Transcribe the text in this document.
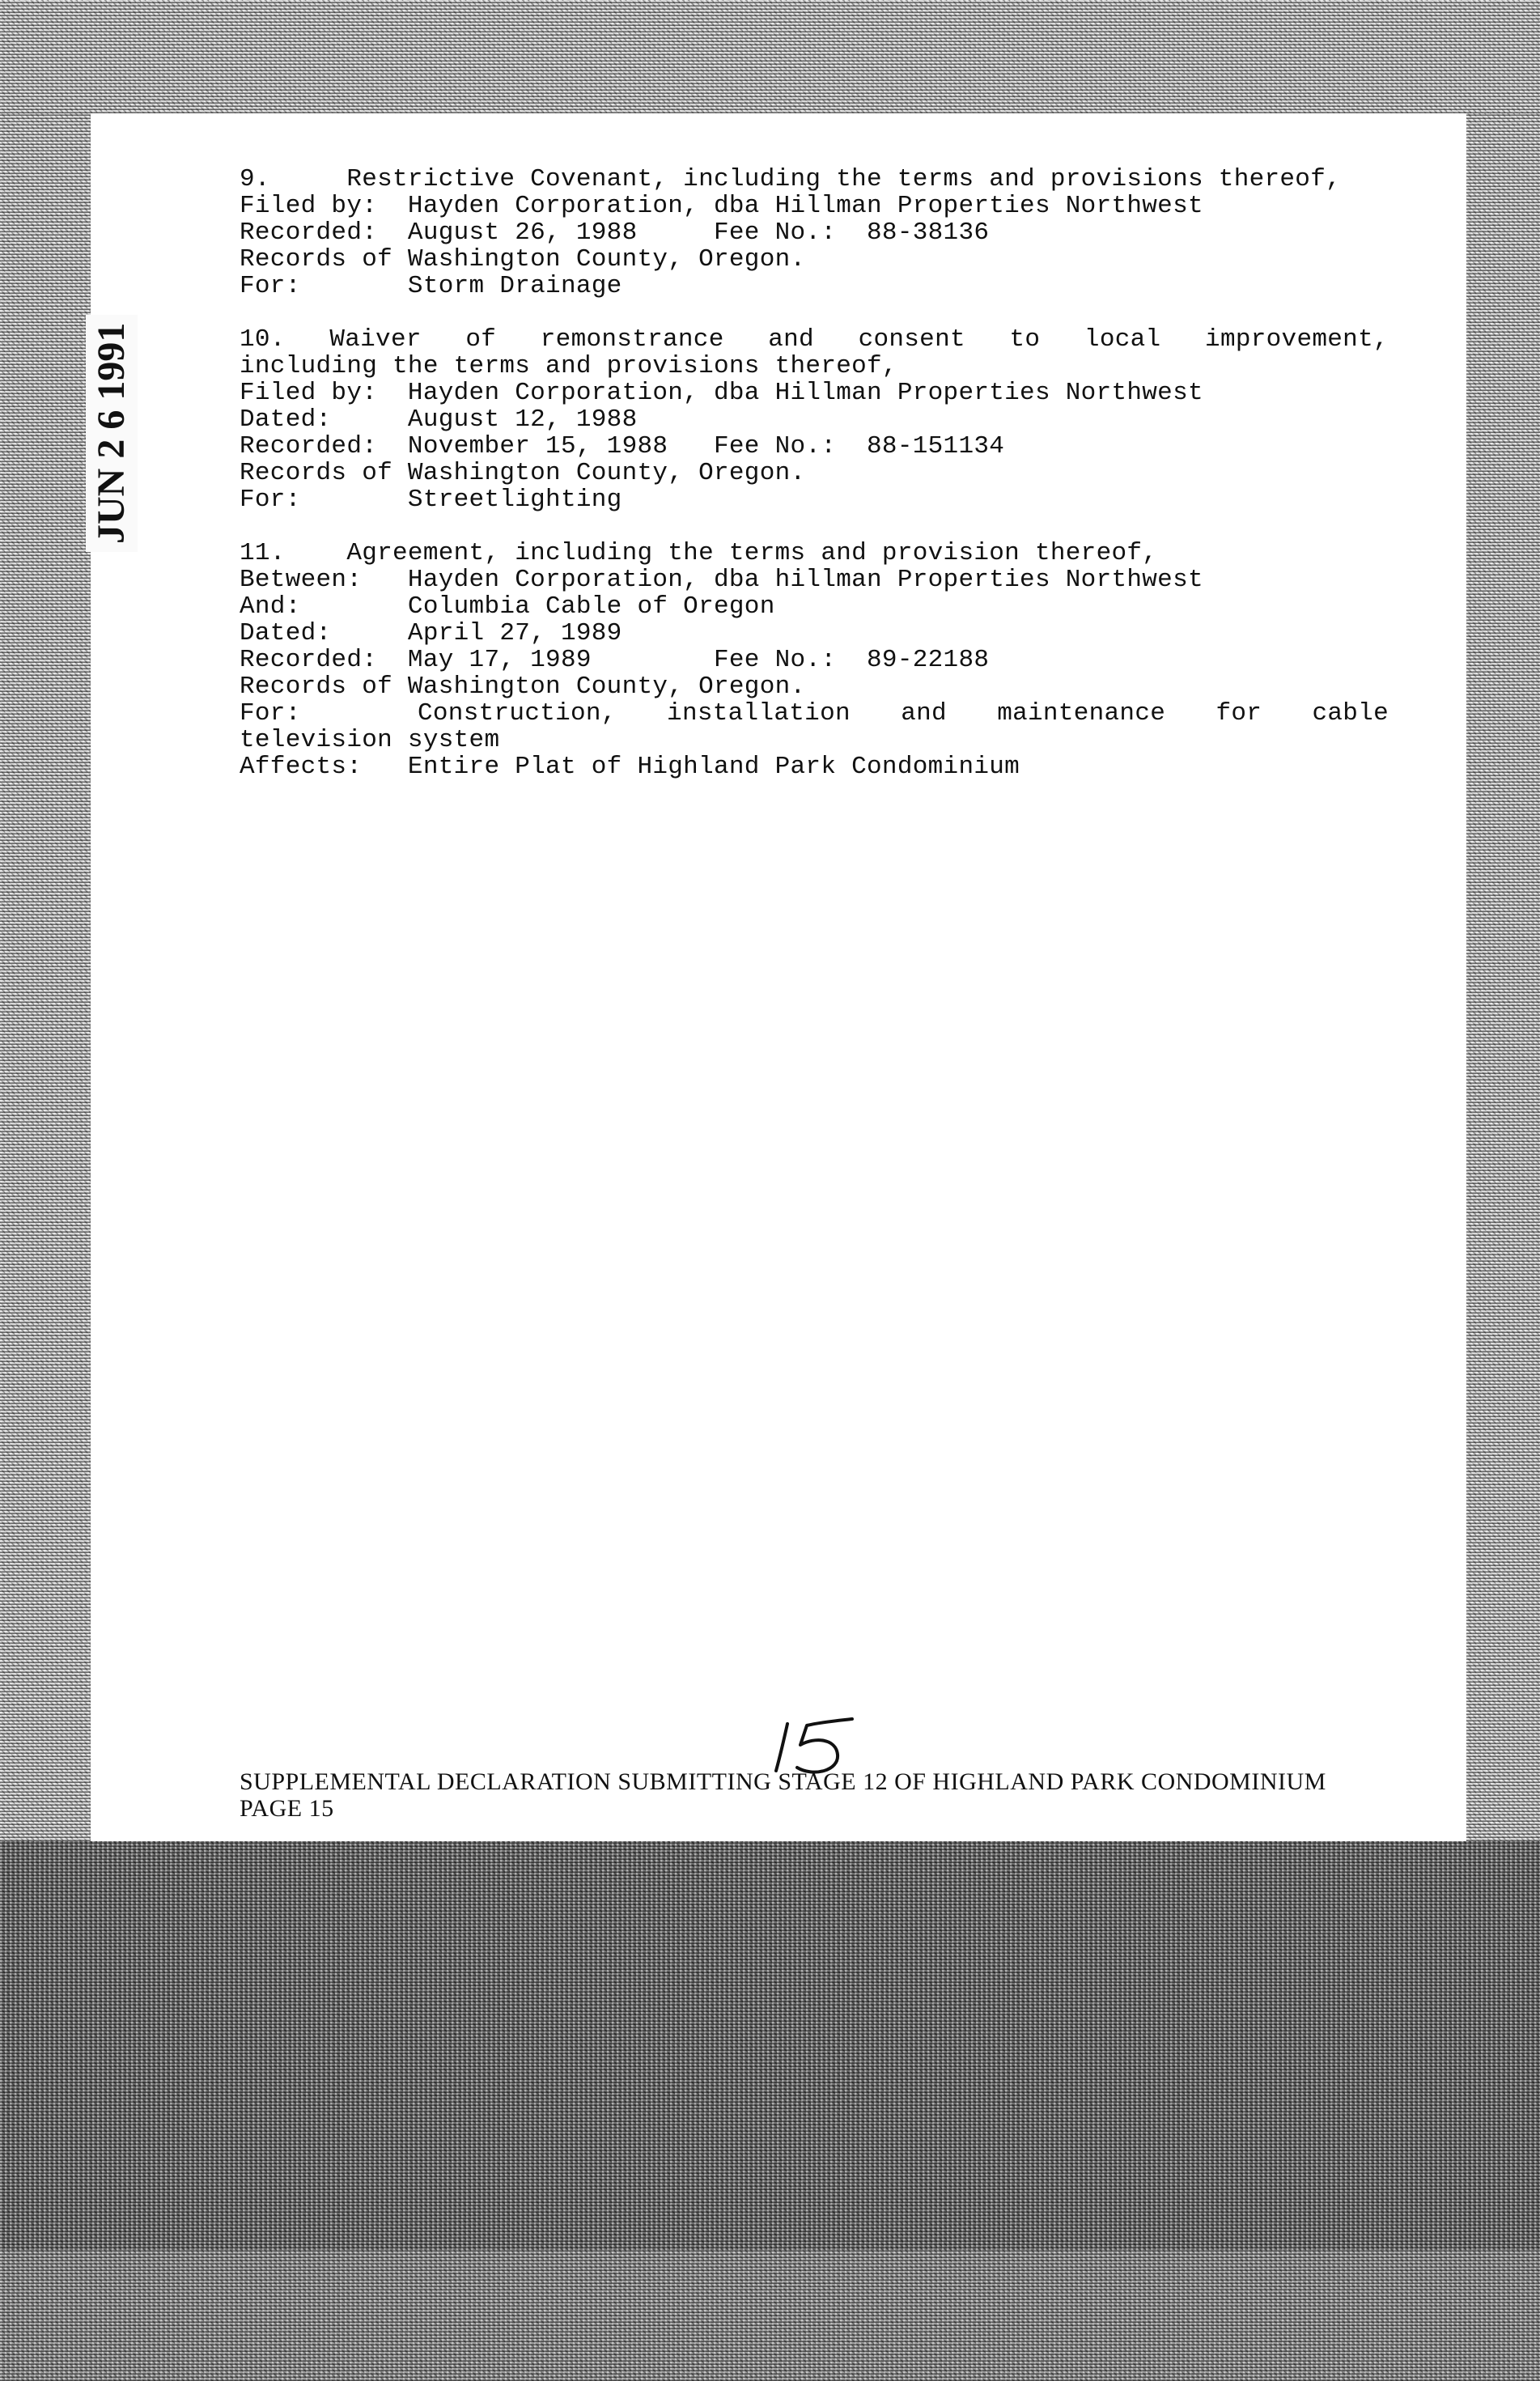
JUN 2 6 1991
9.     Restrictive Covenant, including the terms and provisions thereof,
Filed by:  Hayden Corporation, dba Hillman Properties Northwest
Recorded:  August 26, 1988     Fee No.:  88-38136
Records of Washington County, Oregon.
For:       Storm Drainage
10. Waiver of remonstrance and consent to local improvement,
including the terms and provisions thereof,
Filed by:  Hayden Corporation, dba Hillman Properties Northwest
Dated:     August 12, 1988
Recorded:  November 15, 1988   Fee No.:  88-151134
Records of Washington County, Oregon.
For:       Streetlighting
11.    Agreement, including the terms and provision thereof,
Between:   Hayden Corporation, dba hillman Properties Northwest
And:       Columbia Cable of Oregon
Dated:     April 27, 1989
Recorded:  May 17, 1989        Fee No.:  89-22188
Records of Washington County, Oregon.
For:	Construction, installation and maintenance for cable
television system
Affects:   Entire Plat of Highland Park Condominium
SUPPLEMENTAL DECLARATION SUBMITTING STAGE 12 OF HIGHLAND PARK CONDOMINIUM
PAGE 15
